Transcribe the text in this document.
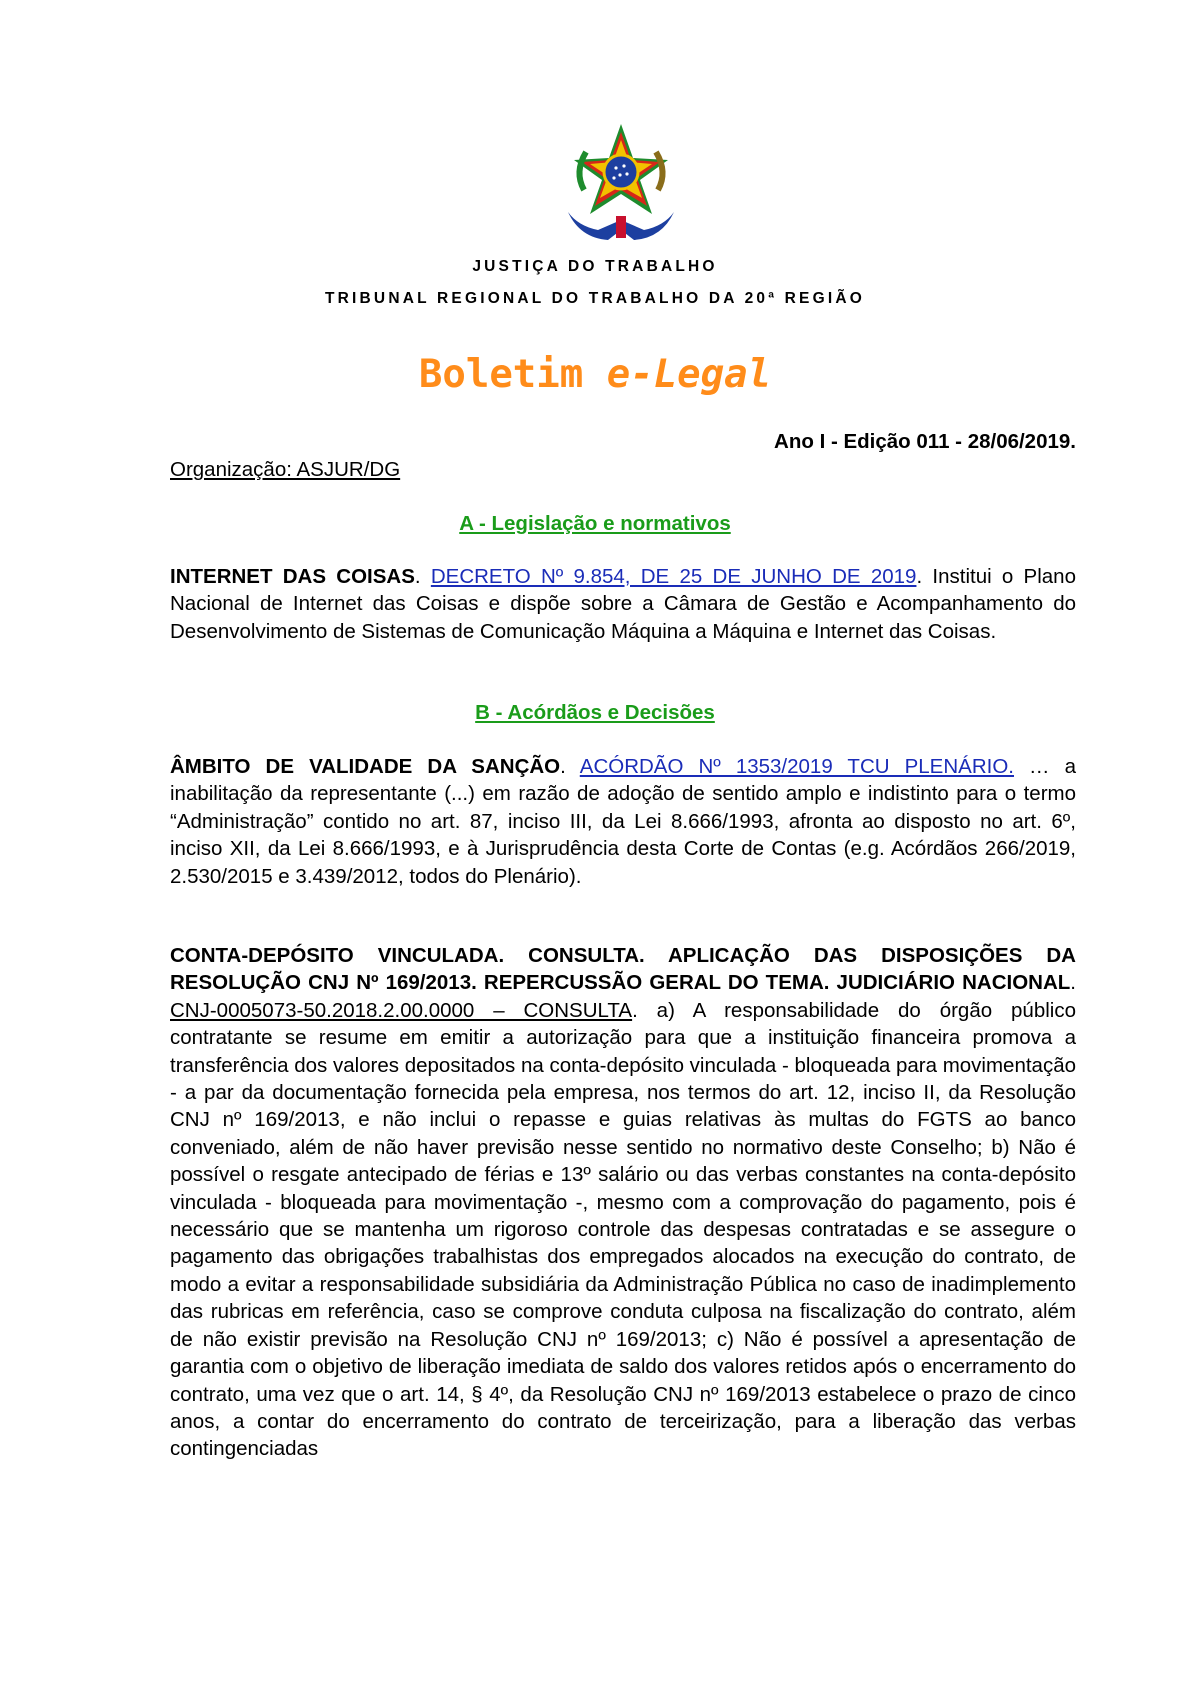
JUSTIÇA DO TRABALHO
TRIBUNAL REGIONAL DO TRABALHO DA 20ª REGIÃO
Boletim e-Legal
Ano I - Edição 011 - 28/06/2019.
Organização: ASJUR/DG
A - Legislação e normativos
INTERNET DAS COISAS. DECRETO Nº 9.854, DE 25 DE JUNHO DE 2019. Institui o Plano Nacional de Internet das Coisas e dispõe sobre a Câmara de Gestão e Acompanhamento do Desenvolvimento de Sistemas de Comunicação Máquina a Máquina e Internet das Coisas.
B - Acórdãos e Decisões
ÂMBITO DE VALIDADE DA SANÇÃO. ACÓRDÃO Nº 1353/2019 TCU PLENÁRIO. … a inabilitação da representante (...) em razão de adoção de sentido amplo e indistinto para o termo “Administração” contido no art. 87, inciso III, da Lei 8.666/1993, afronta ao disposto no art. 6º, inciso XII, da Lei 8.666/1993, e à Jurisprudência desta Corte de Contas (e.g. Acórdãos 266/2019, 2.530/2015 e 3.439/2012, todos do Plenário).
CONTA-DEPÓSITO VINCULADA. CONSULTA. APLICAÇÃO DAS DISPOSIÇÕES DA RESOLUÇÃO CNJ Nº 169/2013. REPERCUSSÃO GERAL DO TEMA. JUDICIÁRIO NACIONAL. CNJ-0005073-50.2018.2.00.0000 – CONSULTA. a) A responsabilidade do órgão público contratante se resume em emitir a autorização para que a instituição financeira promova a transferência dos valores depositados na conta-depósito vinculada - bloqueada para movimentação - a par da documentação fornecida pela empresa, nos termos do art. 12, inciso II, da Resolução CNJ nº 169/2013, e não inclui o repasse e guias relativas às multas do FGTS ao banco conveniado, além de não haver previsão nesse sentido no normativo deste Conselho; b) Não é possível o resgate antecipado de férias e 13º salário ou das verbas constantes na conta-depósito vinculada - bloqueada para movimentação -, mesmo com a comprovação do pagamento, pois é necessário que se mantenha um rigoroso controle das despesas contratadas e se assegure o pagamento das obrigações trabalhistas dos empregados alocados na execução do contrato, de modo a evitar a responsabilidade subsidiária da Administração Pública no caso de inadimplemento das rubricas em referência, caso se comprove conduta culposa na fiscalização do contrato, além de não existir previsão na Resolução CNJ nº 169/2013; c) Não é possível a apresentação de garantia com o objetivo de liberação imediata de saldo dos valores retidos após o encerramento do contrato, uma vez que o art. 14, § 4º, da Resolução CNJ nº 169/2013 estabelece o prazo de cinco anos, a contar do encerramento do contrato de terceirização, para a liberação das verbas contingenciadas
